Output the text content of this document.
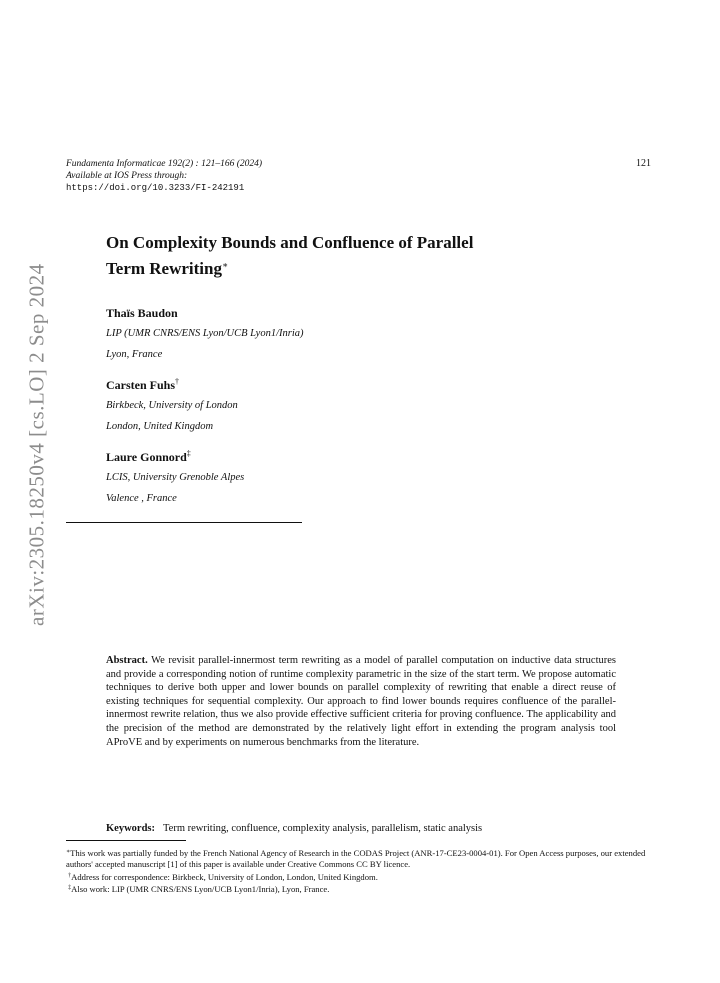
Fundamenta Informaticae 192(2) : 121–166 (2024)
Available at IOS Press through:
https://doi.org/10.3233/FI-242191
121
arXiv:2305.18250v4 [cs.LO] 2 Sep 2024
On Complexity Bounds and Confluence of Parallel
Term Rewriting∗
Thaïs Baudon
LIP (UMR CNRS/ENS Lyon/UCB Lyon1/Inria)
Lyon, France
Carsten Fuhs†
Birkbeck, University of London
London, United Kingdom
Laure Gonnord‡
LCIS, University Grenoble Alpes
Valence , France
Abstract. We revisit parallel-innermost term rewriting as a model of parallel computation on inductive data structures and provide a corresponding notion of runtime complexity parametric in the size of the start term. We propose automatic techniques to derive both upper and lower bounds on parallel complexity of rewriting that enable a direct reuse of existing techniques for sequential complexity. Our approach to find lower bounds requires confluence of the parallel-innermost rewrite relation, thus we also provide effective sufficient criteria for proving confluence. The applicability and the precision of the method are demonstrated by the relatively light effort in extending the program analysis tool AProVE and by experiments on numerous benchmarks from the literature.
Keywords: Term rewriting, confluence, complexity analysis, parallelism, static analysis
∗This work was partially funded by the French National Agency of Research in the CODAS Project (ANR-17-CE23-0004-01). For Open Access purposes, our extended authors' accepted manuscript [1] of this paper is available under Creative Commons CC BY licence.
†Address for correspondence: Birkbeck, University of London, London, United Kingdom.
‡Also work: LIP (UMR CNRS/ENS Lyon/UCB Lyon1/Inria), Lyon, France.
